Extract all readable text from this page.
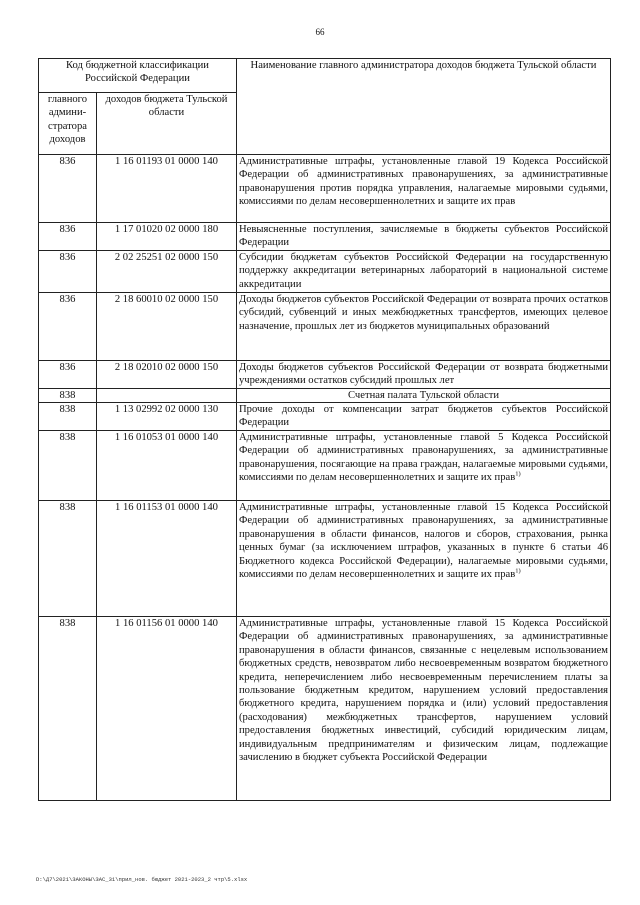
66
Код бюджетной классификации Российской Федерации		Наименование главного администратора доходов бюджета Тульской области
главного админи-стратора доходов	доходов бюджета Тульской области	
836	1 16 01193 01 0000 140	Административные штрафы, установленные главой 19 Кодекса Российской Федерации об административных правонарушениях, за административные правонарушения против порядка управления, налагаемые мировыми судьями, комиссиями по делам несовершеннолетних и защите их прав
836	1 17 01020 02 0000 180	Невыясненные поступления, зачисляемые в бюджеты субъектов Российской Федерации
836	2 02 25251 02 0000 150	Субсидии бюджетам субъектов Российской Федерации на государственную поддержку аккредитации ветеринарных лабораторий в национальной системе аккредитации
836	2 18 60010 02 0000 150	Доходы бюджетов субъектов Российской Федерации от возврата прочих остатков субсидий, субвенций и иных межбюджетных трансфертов, имеющих целевое назначение, прошлых лет из бюджетов муниципальных образований
836	2 18 02010 02 0000 150	Доходы бюджетов субъектов Российской Федерации от возврата бюджетными учреждениями остатков субсидий прошлых лет
838		Счетная палата Тульской области
838	1 13 02992 02 0000 130	Прочие доходы от компенсации затрат бюджетов субъектов Российской Федерации
838	1 16 01053 01 0000 140	Административные штрафы, установленные главой 5 Кодекса Российской Федерации об административных правонарушениях, за административные правонарушения, посягающие на права граждан, налагаемые мировыми судьями, комиссиями по делам несовершеннолетних и защите их прав$^{1)}$
838	1 16 01153 01 0000 140	Административные штрафы, установленные главой 15 Кодекса Российской Федерации об административных правонарушениях, за административные правонарушения в области финансов, налогов и сборов, страхования, рынка ценных бумаг (за исключением штрафов, указанных в пункте 6 статьи 46 Бюджетного кодекса Российской Федерации), налагаемые мировыми судьями, комиссиями по делам несовершеннолетних и защите их прав$^{1)}$
838	1 16 01156 01 0000 140	Административные штрафы, установленные главой 15 Кодекса Российской Федерации об административных правонарушениях, за административные правонарушения в области финансов, связанные с нецелевым использованием бюджетных средств, невозвратом либо несвоевременным возвратом бюджетного кредита, неперечислением либо несвоевременным перечислением платы за пользование бюджетным кредитом, нарушением условий предоставления бюджетного кредита, нарушением порядка и (или) условий предоставления (расходования) межбюджетных трансфертов, нарушением условий предоставления бюджетных инвестиций, субсидий юридическим лицам, индивидуальным предпринимателям и физическим лицам, подлежащие зачислению в бюджет субъекта Российской Федерации
D:\Д7\2021\ЗАКОНЫ\ЗАС_31\прил_нов. бюджет 2021-2023_2 чтр\5.xlsx
